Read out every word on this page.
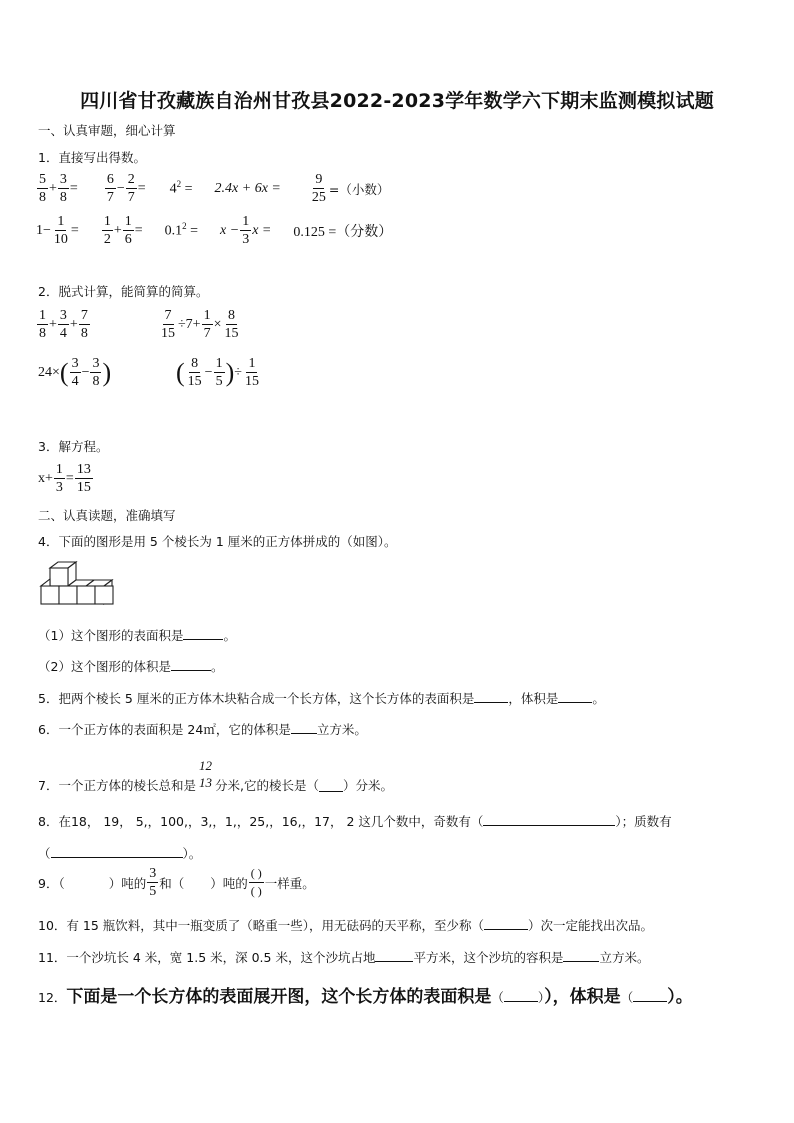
四川省甘孜藏族自治州甘孜县2022-2023学年数学六下期末监测模拟试题
一、认真审题，细心计算
1．直接写出得数。
5
8
+ $\frac{3}{8}$ =
6
7
− $\frac{2}{7} = 4^2 = 2.4x + 6x = \frac{9}{25}$ =（小数）
$1- \frac{1}{10}$ =
1
2
+ $\frac{1}{6} = 0.1^2 = x - \frac{1}{3}$ x = 0.125 =（分数）
2．脱式计算，能简算的简算。
1
8
+ $\frac{3}{4} + \frac{7}{8}$	$\frac{7}{15} \div 7+ \frac{1}{7} \times \frac{8}{15}$
24× ( 3
4
− $\frac{3}{8}$ ) ( 8
15
− $\frac{1}{5}$ ) ÷ $\frac{1}{15}$
3．解方程。
$x+ \frac{1}{3} = \frac{13}{15}$
二、认真读题，准确填写
4．下面的图形是用 5 个棱长为 1 厘米的正方体拼成的（如图）。
（1）这个图形的表面积是	。
（2）这个图形的体积是	。
5．把两个棱长 5 厘米的正方体木块粘合成一个长方体，这个长方体的表面积是	，体积是	。
6．一个正方体的表面积是 24㎡，它的体积是 立方米。
7．一个正方体的棱长总和是
12
13 分米,它的棱长是（ ）分米。
8．在18， 19， 5,，100,，3,，1,，25,，16,，17， 2 这几个数中，奇数有（	）；质数有
（	）。
9．（	）吨的
3
5
和（ ）吨的
( )
( )
一样重。
10．有 15 瓶饮料，其中一瓶变质了（略重一些），用无砝码的天平称，至少称（	）次一定能找出次品。
11．一个沙坑长 4 米，宽 1.5 米，深 0.5 米，这个沙坑占地	平方米，这个沙坑的容积是	立方米。
12．下面是一个长方体的表面展开图，这个长方体的表面积是（	）），体积是（ ）。
